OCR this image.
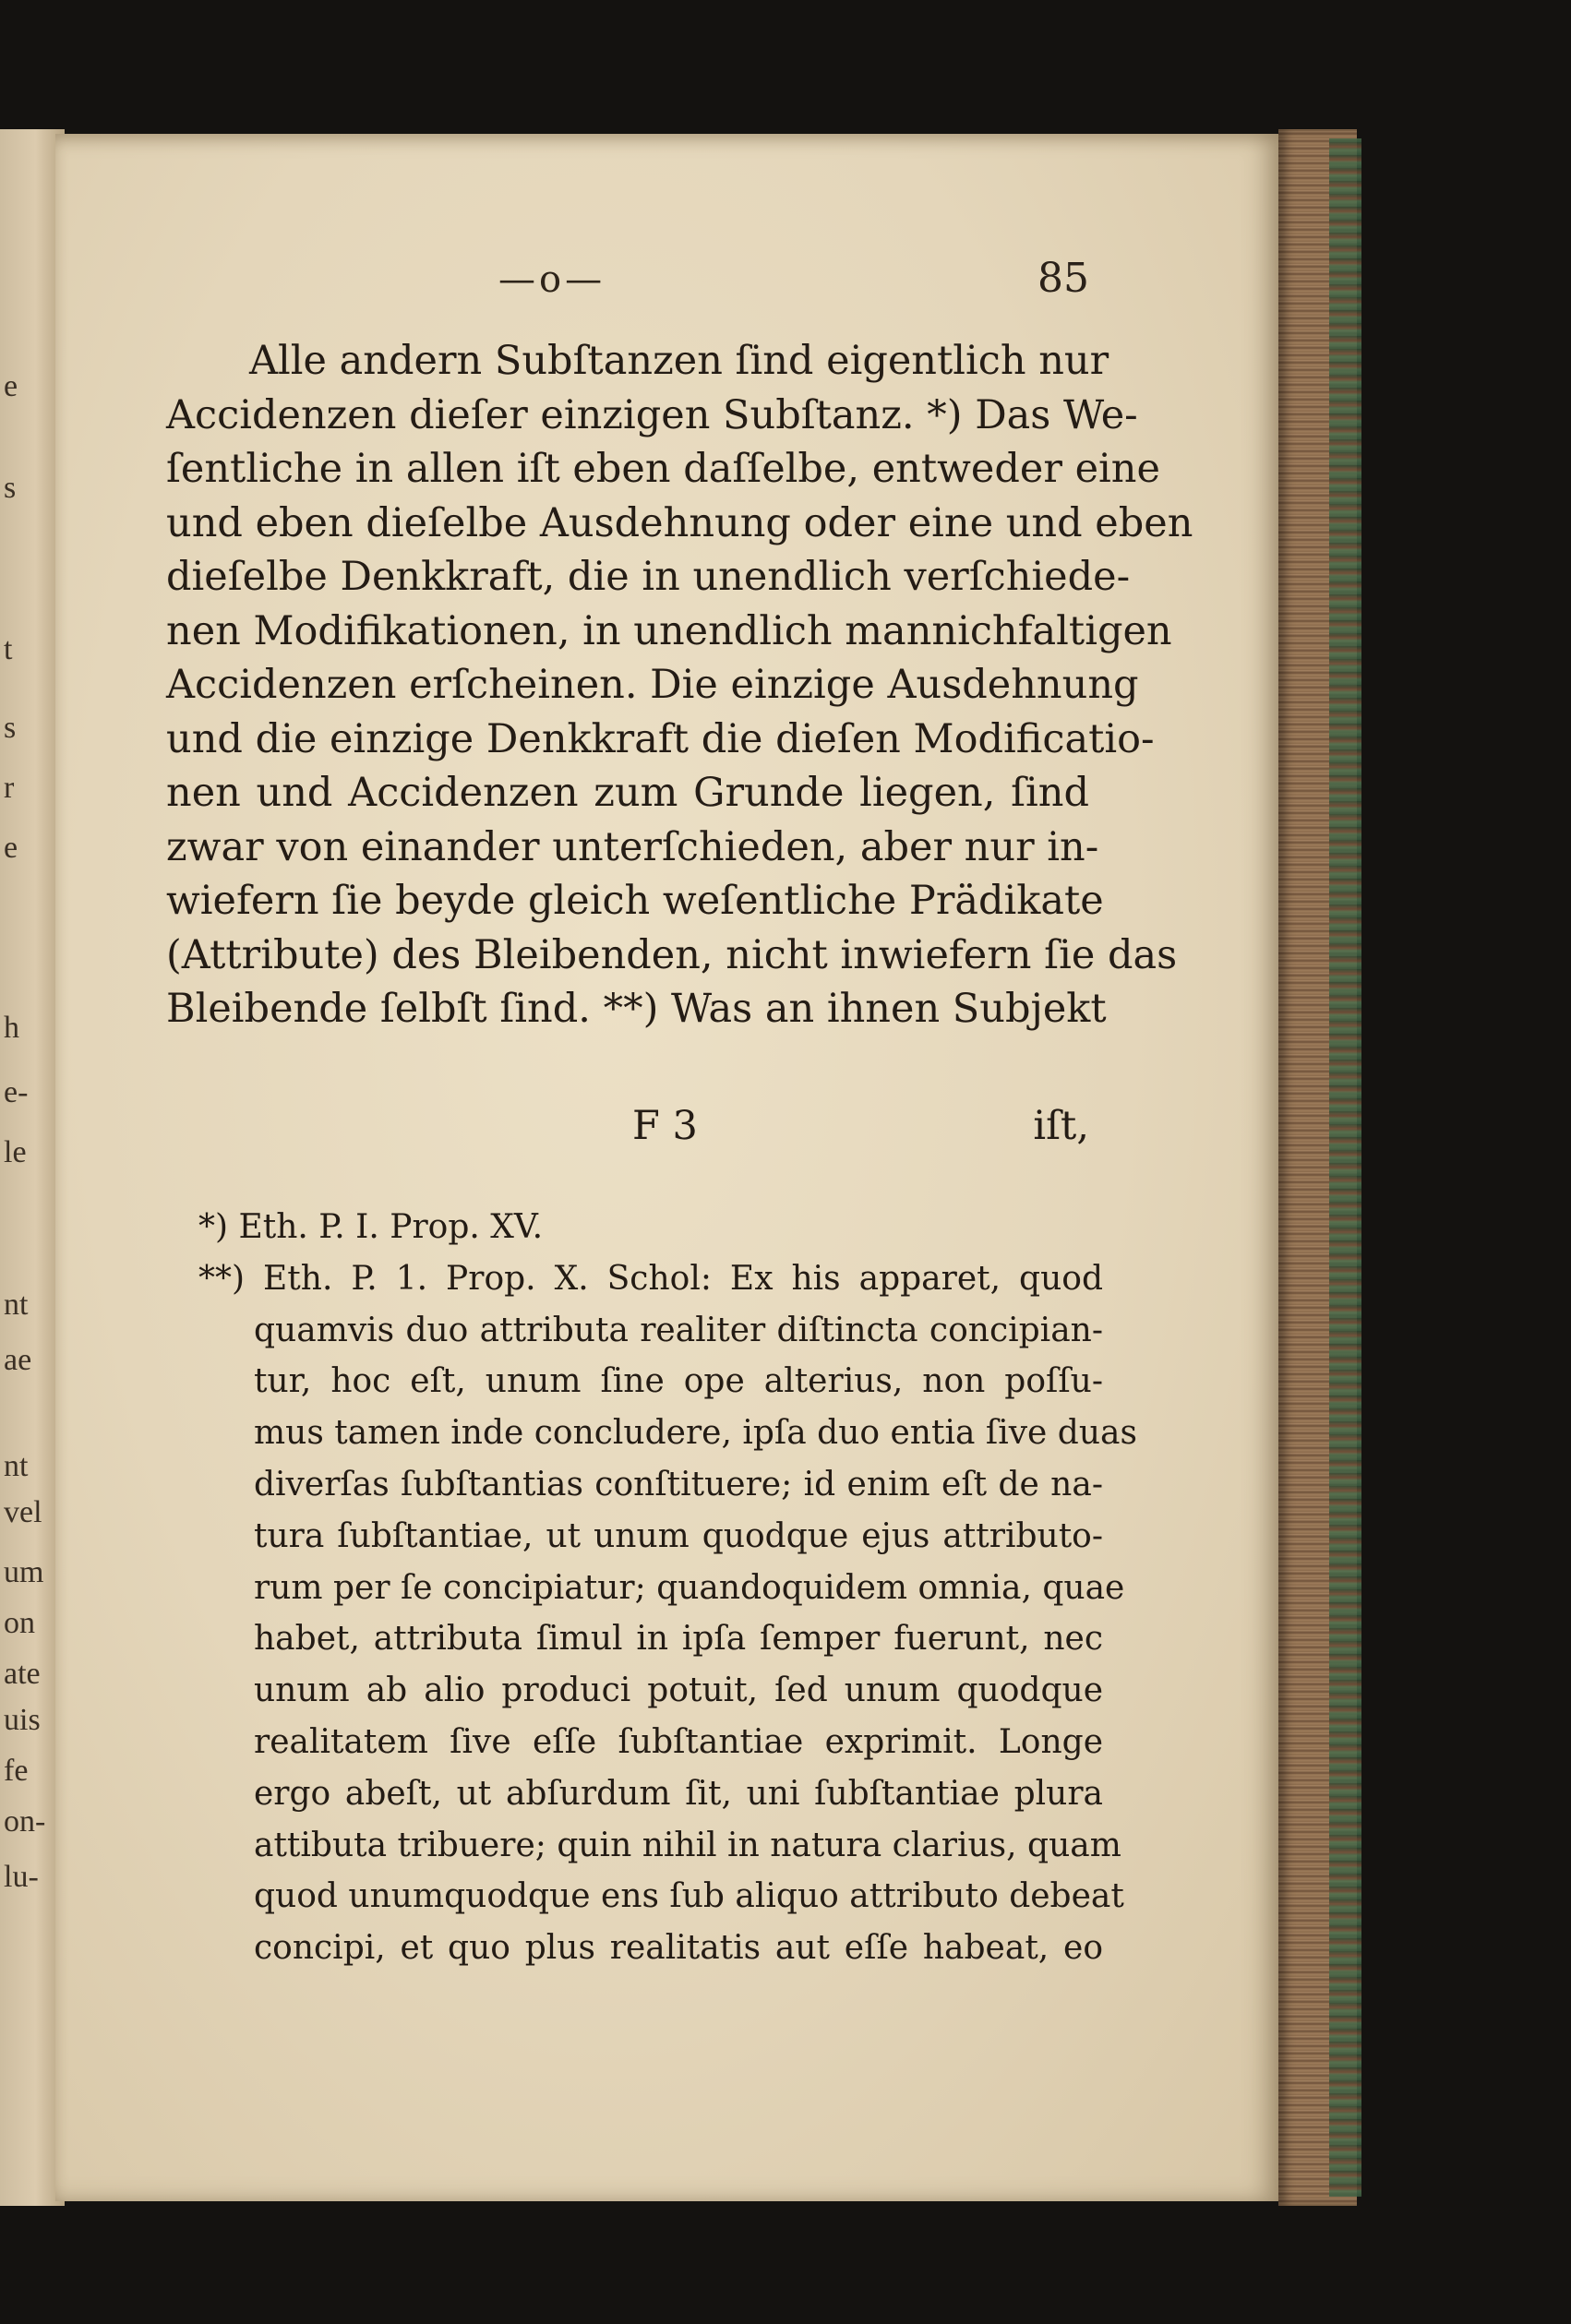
e
s
t
s
r
e
h
e-
le
nt
ae
nt
vel
um
on
ate
uis
fe
on-
lu-
—o—	85
Alle andern Subſtanzen ſind eigentlich nur
Accidenzen dieſer einzigen Subſtanz. *) Das We-
ſentliche in allen iſt eben daſſelbe, entweder eine
und eben dieſelbe Ausdehnung oder eine und eben
dieſelbe Denkkraft, die in unendlich verſchiede-
nen Modifikationen, in unendlich mannichfaltigen
Accidenzen erſcheinen. Die einzige Ausdehnung
und die einzige Denkkraft die dieſen Modificatio-
nen und Accidenzen zum Grunde liegen, ſind
zwar von einander unterſchieden, aber nur in-
wiefern ſie beyde gleich weſentliche Prädikate
(Attribute) des Bleibenden, nicht inwiefern ſie das
Bleibende ſelbſt ſind. **) Was an ihnen Subjekt
F 3	iſt,
*) Eth. P. I. Prop. XV.
**) Eth. P. 1. Prop. X. Schol: Ex his apparet, quod
quamvis duo attributa realiter diſtincta concipian-
tur, hoc eſt, unum ſine ope alterius, non poſſu-
mus tamen inde concludere, ipſa duo entia ſive duas
diverſas ſubſtantias conſtituere; id enim eſt de na-
tura ſubſtantiae, ut unum quodque ejus attributo-
rum per ſe concipiatur; quandoquidem omnia, quae
habet, attributa ſimul in ipſa ſemper fuerunt, nec
unum ab alio produci potuit, ſed unum quodque
realitatem ſive eſſe ſubſtantiae exprimit. Longe
ergo abeſt, ut abſurdum ſit, uni ſubſtantiae plura
attibuta tribuere; quin nihil in natura clarius, quam
quod unumquodque ens ſub aliquo attributo debeat
concipi, et quo plus realitatis aut eſſe habeat, eo
